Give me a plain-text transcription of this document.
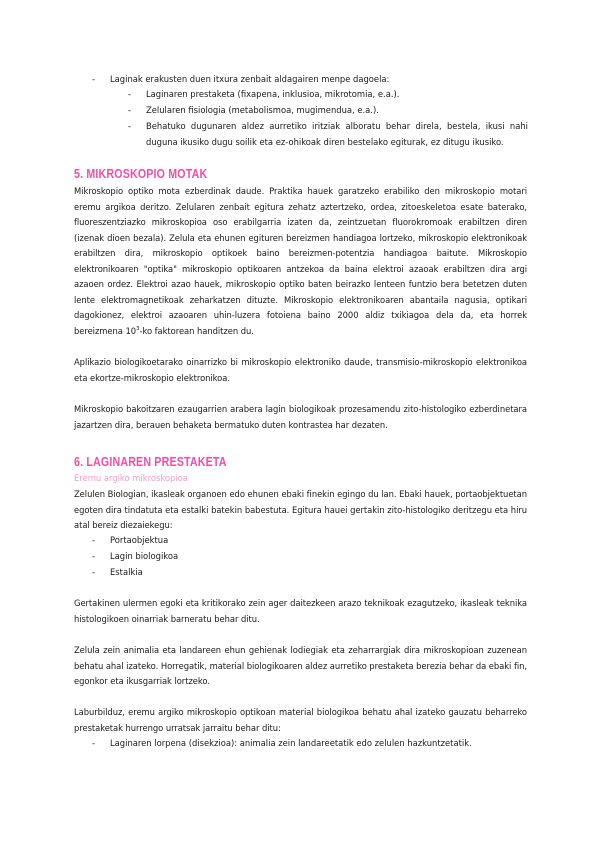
- Laginak erakusten duen itxura zenbait aldagairen menpe dagoela:

- Laginaren prestaketa (fixapena, inklusioa, mikrotomia, e.a.).

- Zelularen fisiologia (metabolismoa, mugimendua, e.a.).

- Behatuko dugunaren aldez aurretiko iritziak alboratu behar direla, bestela, ikusi nahi duguna ikusiko dugu soilik eta ez-ohikoak diren bestelako egiturak, ez ditugu ikusiko.

5. MIKROSKOPIO MOTAK

Mikroskopio optiko mota ezberdinak daude. Praktika hauek garatzeko erabiliko den mikroskopio motari eremu argikoa deritzo. Zelularen zenbait egitura zehatz aztertzeko, ordea, zitoeskeletoa esate baterako, fluoreszentziazko mikroskopioa oso erabilgarria izaten da, zeintzuetan fluorokromoak erabiltzen diren (izenak dioen bezala). Zelula eta ehunen egituren bereizmen handiagoa lortzeko, mikroskopio elektronikoak erabiltzen dira, mikroskopio optikoek baino bereizmen-potentzia handiagoa baitute. Mikroskopio elektronikoaren "optika" mikroskopio optikoaren antzekoa da baina elektroi azaoak erabiltzen dira argi azaoen ordez. Elektroi azao hauek, mikroskopio optiko baten beirazko lenteen funtzio bera betetzen duten lente elektromagnetikoak zeharkatzen dituzte. Mikroskopio elektronikoaren abantaila nagusia, optikari dagokionez, elektroi azaoaren uhin-luzera fotoiena baino 2000 aldiz txikiagoa dela da, eta horrek bereizmena $10^3-ko$ faktorean handitzen du.

Aplikazio biologikoetarako oinarrizko bi mikroskopio elektroniko daude, transmisio-mikroskopio elektronikoa eta ekortze-mikroskopio elektronikoa.

Mikroskopio bakoitzaren ezaugarrien arabera lagin biologikoak prozesamendu zito-histologiko ezberdinetara jazartzen dira, berauen behaketa bermatuko duten kontrastea har dezaten.

6. LAGINAREN PRESTAKETA

Eremu argiko mikroskopioa

Zelulen Biologian, ikasleak organoen edo ehunen ebaki finekin egingo du lan. Ebaki hauek, portaobjektuetan egoten dira tindatuta eta estalki batekin babestuta. Egitura hauei gertakin zito-histologiko deritzegu eta hiru atal bereiz diezaiekegu:

- Portaobjektua

- Lagin biologikoa

- Estalkia

Gertakinen ulermen egoki eta kritikorako zein ager daitezkeen arazo teknikoak ezagutzeko, ikasleak teknika histologikoen oinarriak barneratu behar ditu.

Zelula zein animalia eta landareen ehun gehienak lodiegiak eta zeharrargiak dira mikroskopioan zuzenean behatu ahal izateko. Horregatik, material biologikoaren aldez aurretiko prestaketa berezia behar da ebaki fin, egonkor eta ikusgarriak lortzeko.

Laburbilduz, eremu argiko mikroskopio optikoan material biologikoa behatu ahal izateko gauzatu beharreko prestaketak hurrengo urratsak jarraitu behar ditu:

- Laginaren lorpena (disekzioa): animalia zein landareetatik edo zelulen hazkuntzetatik.
